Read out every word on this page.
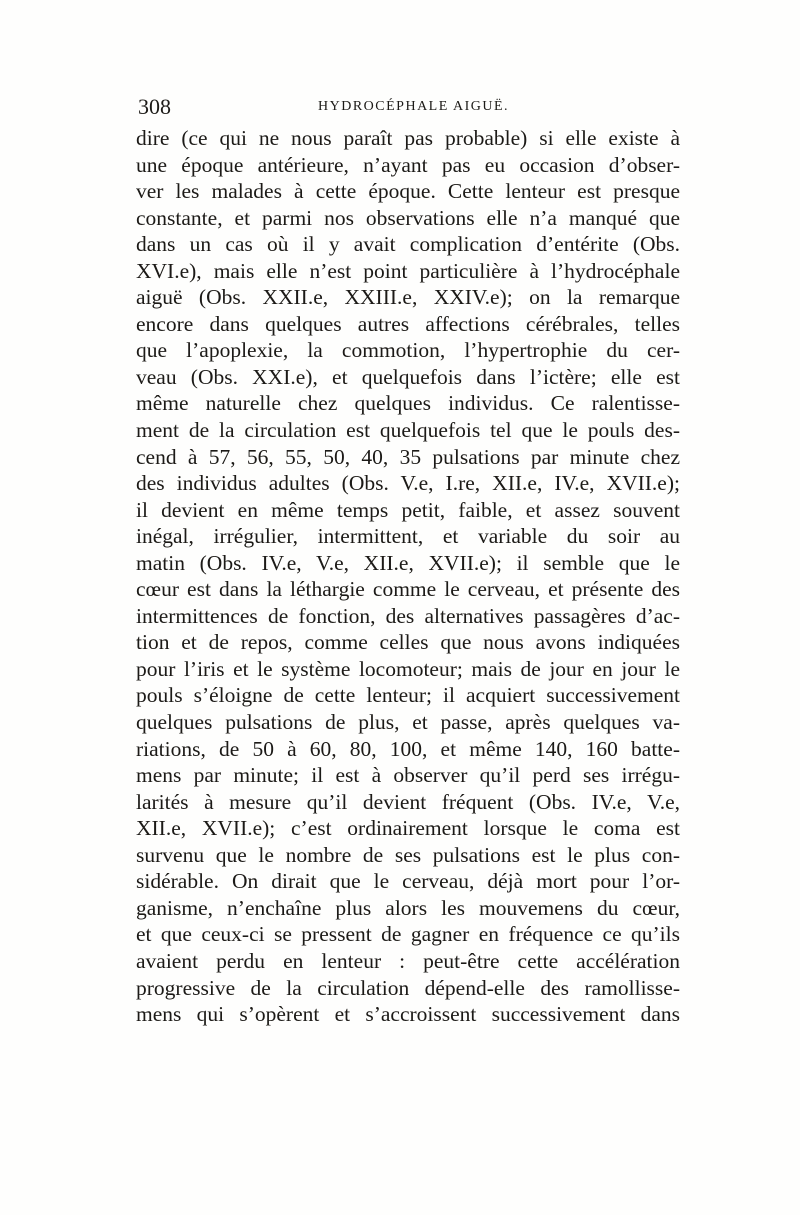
308	HYDROCÉPHALE AIGUË.
dire (ce qui ne nous paraît pas probable) si elle existe à
une époque antérieure, n’ayant pas eu occasion d’obser-
ver les malades à cette époque. Cette lenteur est presque
constante, et parmi nos observations elle n’a manqué que
dans un cas où il y avait complication d’entérite (Obs.
XVI.e), mais elle n’est point particulière à l’hydrocéphale
aiguë (Obs. XXII.e, XXIII.e, XXIV.e); on la remarque
encore dans quelques autres affections cérébrales, telles
que l’apoplexie, la commotion, l’hypertrophie du cer-
veau (Obs. XXI.e), et quelquefois dans l’ictère; elle est
même naturelle chez quelques individus. Ce ralentisse-
ment de la circulation est quelquefois tel que le pouls des-
cend à 57, 56, 55, 50, 40, 35 pulsations par minute chez
des individus adultes (Obs. V.e, I.re, XII.e, IV.e, XVII.e);
il devient en même temps petit, faible, et assez souvent
inégal, irrégulier, intermittent, et variable du soir au
matin (Obs. IV.e, V.e, XII.e, XVII.e); il semble que le
cœur est dans la léthargie comme le cerveau, et présente des
intermittences de fonction, des alternatives passagères d’ac-
tion et de repos, comme celles que nous avons indiquées
pour l’iris et le système locomoteur; mais de jour en jour le
pouls s’éloigne de cette lenteur; il acquiert successivement
quelques pulsations de plus, et passe, après quelques va-
riations, de 50 à 60, 80, 100, et même 140, 160 batte-
mens par minute; il est à observer qu’il perd ses irrégu-
larités à mesure qu’il devient fréquent (Obs. IV.e, V.e,
XII.e, XVII.e); c’est ordinairement lorsque le coma est
survenu que le nombre de ses pulsations est le plus con-
sidérable. On dirait que le cerveau, déjà mort pour l’or-
ganisme, n’enchaîne plus alors les mouvemens du cœur,
et que ceux-ci se pressent de gagner en fréquence ce qu’ils
avaient perdu en lenteur : peut-être cette accélération
progressive de la circulation dépend-elle des ramollisse-
mens qui s’opèrent et s’accroissent successivement dans
